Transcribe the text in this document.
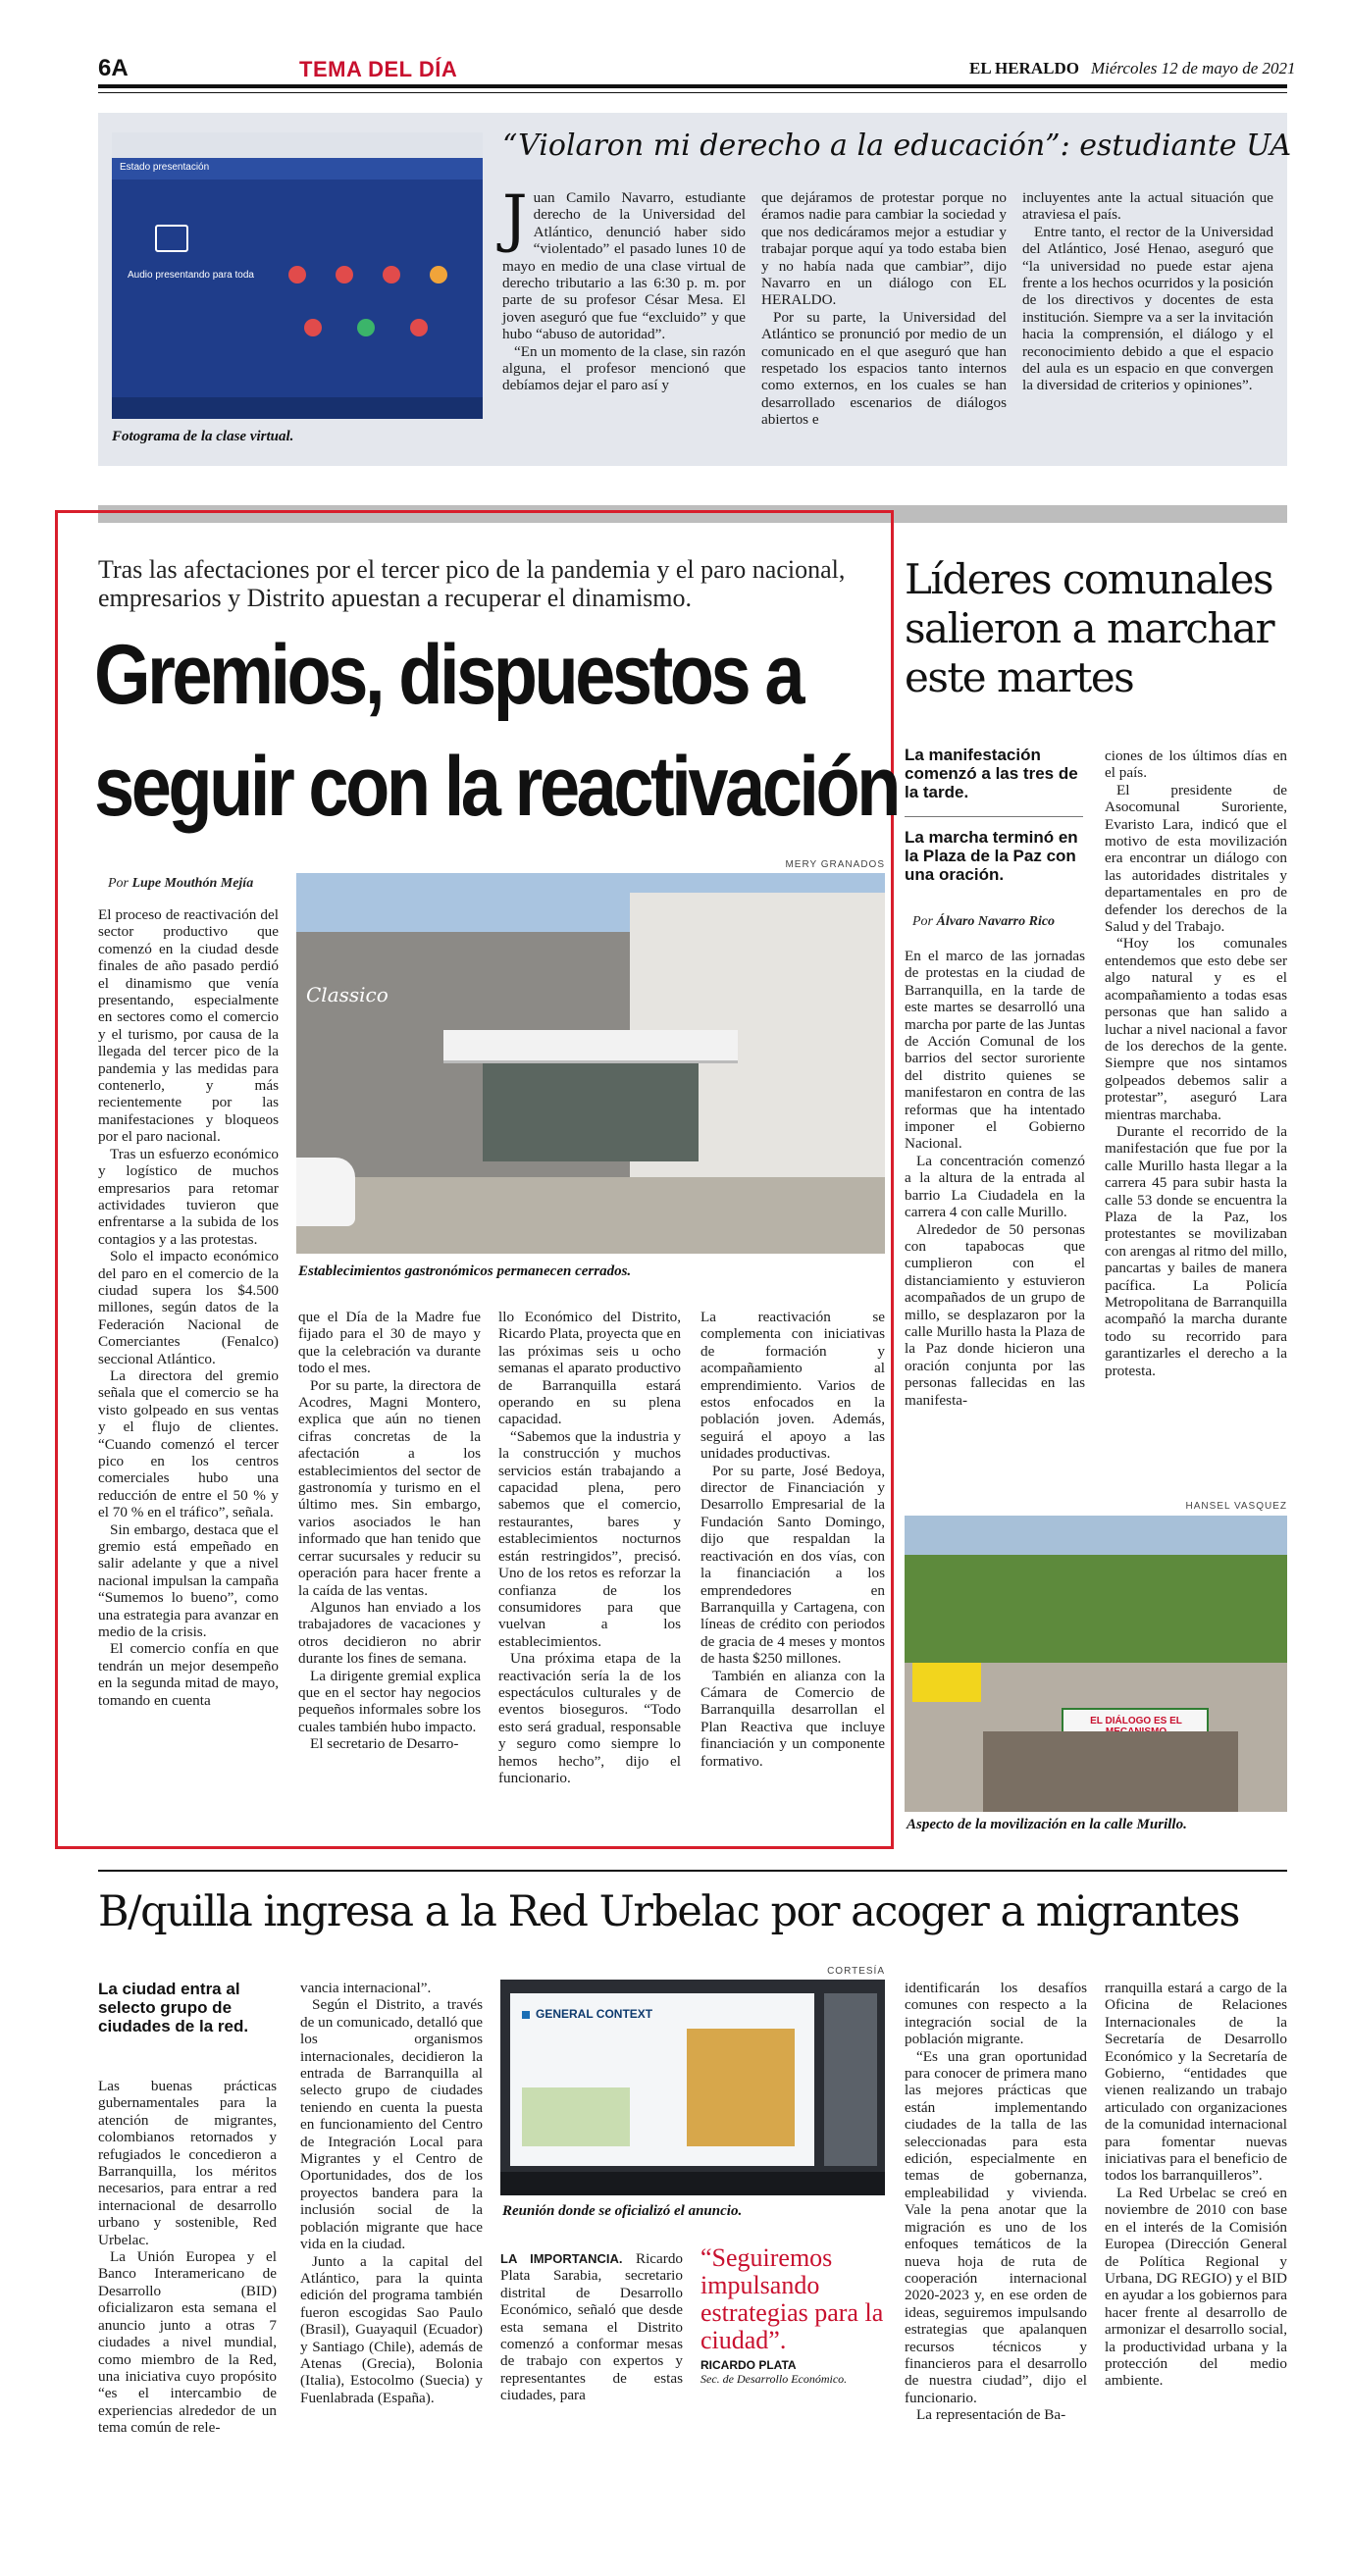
6A	TEMA DEL DÍA	EL HERALDO Miércoles 12 de mayo de 2021
Estado presentación
Audio presentando para toda
Fotograma de la clase virtual.
“Violaron mi derecho a la educación”: estudiante UA

Juan Camilo Navarro, estudiante derecho de la Universidad del Atlántico, denunció haber sido “violentado” el pasado lunes 10 de mayo en medio de una clase virtual de derecho tributario a las 6:30 p. m. por parte de su profesor César Mesa. El joven aseguró que fue “excluido” y que hubo “abuso de autoridad”.

“En un momento de la clase, sin razón alguna, el profesor mencionó que debíamos dejar el paro así y

que dejáramos de protestar porque no éramos nadie para cambiar la sociedad y que nos dedicáramos mejor a estudiar y trabajar porque aquí ya todo estaba bien y no había nada que cambiar”, dijo Navarro en un diálogo con EL HERALDO.

Por su parte, la Universidad del Atlántico se pronunció por medio de un comunicado en el que aseguró que han respetado los espacios tanto internos como externos, en los cuales se han desarrollado escenarios de diálogos abiertos e

incluyentes ante la actual situación que atraviesa el país.

Entre tanto, el rector de la Universidad del Atlántico, José Henao, aseguró que “la universidad no puede estar ajena frente a los hechos ocurridos y la posición de los directivos y docentes de esta institución. Siempre va a ser la invitación hacia la comprensión, el diálogo y el reconocimiento debido a que el espacio del aula es un espacio en que convergen la diversidad de criterios y opiniones”.

Tras las afectaciones por el tercer pico de la pandemia y el paro nacional, empresarios y Distrito apuestan a recuperar el dinamismo.
Gremios, dispuestos a
seguir con la reactivación
MERY GRANADOS
Classico
Establecimientos gastronómicos permanecen cerrados.
Por Lupe Mouthón Mejía

El proceso de reactivación del sector productivo que comenzó en la ciudad desde finales de año pasado perdió el dinamismo que venía presentando, especialmente en sectores como el comercio y el turismo, por causa de la llegada del tercer pico de la pandemia y las medidas para contenerlo, y más recientemente por las manifestaciones y bloqueos por el paro nacional.

Tras un esfuerzo económico y logístico de muchos empresarios para retomar actividades tuvieron que enfrentarse a la subida de los contagios y a las protestas.

Solo el impacto económico del paro en el comercio de la ciudad supera los $4.500 millones, según datos de la Federación Nacional de Comerciantes (Fenalco) seccional Atlántico.

La directora del gremio señala que el comercio se ha visto golpeado en sus ventas y el flujo de clientes. “Cuando comenzó el tercer pico en los centros comerciales hubo una reducción de entre el 50 % y el 70 % en el tráfico”, señala.

Sin embargo, destaca que el gremio está empeñado en salir adelante y que a nivel nacional impulsan la campaña “Sumemos lo bueno”, como una estrategia para avanzar en medio de la crisis.

El comercio confía en que tendrán un mejor desempeño en la segunda mitad de mayo, tomando en cuenta

que el Día de la Madre fue fijado para el 30 de mayo y que la celebración va durante todo el mes.

Por su parte, la directora de Acodres, Magni Montero, explica que aún no tienen cifras concretas de la afectación a los establecimientos del sector de gastronomía y turismo en el último mes. Sin embargo, varios asociados le han informado que han tenido que cerrar sucursales y reducir su operación para hacer frente a la caída de las ventas.

Algunos han enviado a los trabajadores de vacaciones y otros decidieron no abrir durante los fines de semana.

La dirigente gremial explica que en el sector hay negocios pequeños informales sobre los cuales también hubo impacto.

El secretario de Desarro-

llo Económico del Distrito, Ricardo Plata, proyecta que en las próximas seis u ocho semanas el aparato productivo de Barranquilla estará operando en su plena capacidad.

“Sabemos que la industria y la construcción y muchos servicios están trabajando a capacidad plena, pero sabemos que el comercio, restaurantes, bares y establecimientos nocturnos están restringidos”, precisó. Uno de los retos es reforzar la confianza de los consumidores para que vuelvan a los establecimientos.

Una próxima etapa de la reactivación sería la de los espectáculos culturales y de eventos bioseguros. “Todo esto será gradual, responsable y seguro como siempre lo hemos hecho”, dijo el funcionario.

La reactivación se complementa con iniciativas de formación y acompañamiento al emprendimiento. Varios de estos enfocados en la población joven. Además, seguirá el apoyo a las unidades productivas.

Por su parte, José Bedoya, director de Financiación y Desarrollo Empresarial de la Fundación Santo Domingo, dijo que respaldan la reactivación en dos vías, con la financiación a los emprendedores en Barranquilla y Cartagena, con líneas de crédito con periodos de gracia de 4 meses y montos de hasta $250 millones.

También en alianza con la Cámara de Comercio de Barranquilla desarrollan el Plan Reactiva que incluye financiación y un componente formativo.

Líderes comunales salieron a marchar este martes
La manifestación comenzó a las tres de la tarde.
La marcha terminó en la Plaza de la Paz con una oración.
Por Álvaro Navarro Rico

En el marco de las jornadas de protestas en la ciudad de Barranquilla, en la tarde de este martes se desarrolló una marcha por parte de las Juntas de Acción Comunal de los barrios del sector suroriente del distrito quienes se manifestaron en contra de las reformas que ha intentado imponer el Gobierno Nacional.

La concentración comenzó a la altura de la entrada al barrio La Ciudadela en la carrera 4 con calle Murillo.

Alrededor de 50 personas con tapabocas que cumplieron con el distanciamiento y estuvieron acompañados de un grupo de millo, se desplazaron por la calle Murillo hasta la Plaza de la Paz donde hicieron una oración conjunta por las personas fallecidas en las manifesta-

ciones de los últimos días en el país.

El presidente de Asocomunal Suroriente, Evaristo Lara, indicó que el motivo de esta movilización era encontrar un diálogo con las autoridades distritales y departamentales en pro de defender los derechos de la Salud y del Trabajo.

“Hoy los comunales entendemos que esto debe ser algo natural y es el acompañamiento a todas esas personas que han salido a luchar a nivel nacional a favor de los derechos de la gente. Siempre que nos sintamos golpeados debemos salir a protestar”, aseguró Lara mientras marchaba.

Durante el recorrido de la manifestación que fue por la calle Murillo hasta llegar a la carrera 45 para subir hasta la calle 53 donde se encuentra la Plaza de la Paz, los protestantes se movilizaban con arengas al ritmo del millo, pancartas y bailes de manera pacífica. La Policía Metropolitana de Barranquilla acompañó la marcha durante todo su recorrido para garantizarles el derecho a la protesta.

HANSEL VASQUEZ
EL DIÁLOGO ES EL
Aspecto de la movilización en la calle Murillo.
B/quilla ingresa a la Red Urbelac por acoger a migrantes
La ciudad entra al selecto grupo de ciudades de la red.

Las buenas prácticas gubernamentales para la atención de migrantes, colombianos retornados y refugiados le concedieron a Barranquilla, los méritos necesarios, para entrar a red internacional de desarrollo urbano y sostenible, Red Urbelac.

La Unión Europea y el Banco Interamericano de Desarrollo (BID) oficializaron esta semana el anuncio junto a otras 7 ciudades a nivel mundial, como miembro de la Red, una iniciativa cuyo propósito “es el intercambio de experiencias alrededor de un tema común de rele-

vancia internacional”.

Según el Distrito, a través de un comunicado, detalló que los organismos internacionales, decidieron la entrada de Barranquilla al selecto grupo de ciudades teniendo en cuenta la puesta en funcionamiento del Centro de Integración Local para Migrantes y el Centro de Oportunidades, dos de los proyectos bandera para la inclusión social de la población migrante que hace vida en la ciudad.

Junto a la capital del Atlántico, para la quinta edición del programa también fueron escogidas Sao Paulo (Brasil), Guayaquil (Ecuador) y Santiago (Chile), además de Atenas (Grecia), Bolonia (Italia), Estocolmo (Suecia) y Fuenlabrada (España).

CORTESÍA
GENERAL CONTEXT
Reunión donde se oficializó el anuncio.

LA IMPORTANCIA. Ricardo Plata Sarabia, secretario distrital de Desarrollo Económico, señaló que desde esta semana el Distrito comenzó a conformar mesas de trabajo con expertos y representantes de estas ciudades, para

“Seguiremos impulsando estrategias para la ciudad”.
RICARDO PLATA
Sec. de Desarrollo Económico.

identificarán los desafíos comunes con respecto a la integración social de la población migrante.

“Es una gran oportunidad para conocer de primera mano las mejores prácticas que están implementando ciudades de la talla de las seleccionadas para esta edición, especialmente en temas de gobernanza, empleabilidad y vivienda. Vale la pena anotar que la migración es uno de los enfoques temáticos de la nueva hoja de ruta de cooperación internacional 2020-2023 y, en ese orden de ideas, seguiremos impulsando estrategias que apalanquen recursos técnicos y financieros para el desarrollo de nuestra ciudad”, dijo el funcionario.

La representación de Ba-

rranquilla estará a cargo de la Oficina de Relaciones Internacionales de la Secretaría de Desarrollo Económico y la Secretaría de Gobierno, “entidades que vienen realizando un trabajo articulado con organizaciones de la comunidad internacional para fomentar nuevas iniciativas para el beneficio de todos los barranquilleros”.

La Red Urbelac se creó en noviembre de 2010 con base en el interés de la Comisión Europea (Dirección General de Política Regional y Urbana, DG REGIO) y el BID en ayudar a los gobiernos para hacer frente al desarrollo de armonizar el desarrollo social, la productividad urbana y la protección del medio ambiente.
